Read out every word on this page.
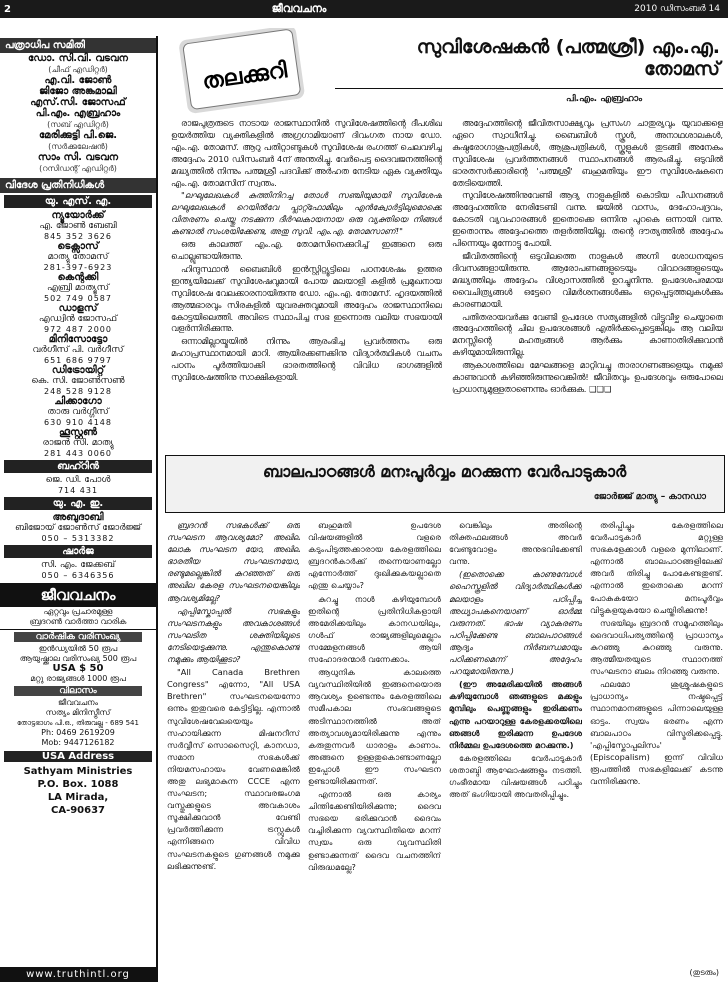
2	ജീവവചനം	2010 ഡിസംബർ 14
പത്രാധിപ സമിതി
ഡോ. സി.വി. വടവന
(ചീഫ് എഡിറ്റർ)
എ.വി. ജോൺ
ജിജോ അങ്കമാലി
എസ്.സി. ജോസഫ്
പി.എം. എബ്രഹാം
(സബ് എഡിറ്റർ)
മേരിക്കുട്ടി പി.ജെ.
(സർക്കുലേഷൻ)
സാം സി. വടവന
(റസിഡന്റ് എഡിറ്റർ)
വിദേശ പ്രതിനിധികൾ
യു. എസ്. എ.
ന്യൂയോർക്ക്
എ. ജോൺ ബേബി
845 352 3626
ടെക്സാസ്
മാത്യു തോമസ്
281-397-6923
കെന്റക്കി
എബ്രി മാത്യൂസ്
502 749 0587
ഡാളസ്
എഡ്വിൻ ജോസഫ്
972 487 2000
മിനിസോട്ടോ
വർഗീസ് പി. വർഗീസ്
651 686 9797
ഡിട്രോയിറ്റ്
കെ. സി. ജോൺസൺ
248 528 9128
ചിക്കാഗോ
താരു വർഗ്ഗീസ്
630 910 4148
ഹൂസ്റ്റൺ
രാജൻ സി. മാത്യു
281 443 0060
ബഹ്റിൻ
ജെ. ഡി. പോൾ
714 431
യു. എ. ഇ.
അബുദാബി
ബിജോയ് ജോൺസ് ജോർജ്ജ്
050 – 5313382
ഷാർജ
സി. എം. ജേക്കബ്
050 – 6346356
ജീവവചനം
ഏറ്റവും പ്രചാരമുള്ള
ബ്രദറൺ വാർത്താ വാരിക
വാർഷിക വരിസംഖ്യ
ഇൻഡ്യയിൽ 50 രൂപ
ആയുഷ്ക്കാല വരിസംഖ്യ 500 രൂപ
USA $ 50
മറ്റു രാജ്യങ്ങൾ 1000 രൂപ
വിലാസം
ജീവവചനം
സത്യം മിനിസ്ട്രീസ്
തോട്ടഭാഗം പി.ഒ., തിരുവല്ല - 689 541
Ph: 0469 2619209
Mob: 9447126182
USA Address
Sathyam Ministries
P.O. Box. 1088
LA Mirada,
CA-90637
www.truthintl.org
തലക്കുറി
സുവിശേഷകൻ (പത്മശ്രീ) എം.എ. തോമസ്
പി.എം. എബ്രഹാം

രാജപുത്രരുടെ നാടായ രാജസ്ഥാനിൽ സുവിശേഷത്തിന്റെ ദീപശിഖ ഉയർത്തിയ വ്യക്തികളിൽ അഗ്രഗാമിയാണ് ദിവംഗത നായ ഡോ. എം.എ. തോമസ്. ആറു പതിറ്റാണ്ടുകൾ സുവിശേഷ രംഗത്ത് ചെലവഴിച്ച അദ്ദേഹം 2010 ഡിസംബർ 4ന് അന്തരിച്ചു. വേർപെട്ട ദൈവജനത്തിന്റെ മദ്ധ്യത്തിൽ നിന്നും പത്മശ്രീ പദവിക്ക് അർഹത നേടിയ ഏക വ്യക്തിയും എം.എ. തോമസിന് സ്വന്തം.

"ലഘുലേഖകൾ കുത്തിനിറച്ച തോൾ സഞ്ചിയുമായി സുവിശേഷ ലഘുലേഖകൾ റെയിൽവേ പ്ലാറ്റ്ഫോമിലും എൻക്വോർട്ടിലുമൊക്കെ വിതരണം ചെയ്തു നടക്കുന്ന ദീർഘകായനായ ഒരു വ്യക്തിയെ നിങ്ങൾ കണ്ടാൽ സംശയിക്കേണ്ട, അതു സുവി. എം.എ. തോമസാണ്!"

ഒരു കാലത്ത് എം.എ. തോമസിനെക്കുറിച്ച് ഇങ്ങനെ ഒരു ചൊല്ലുണ്ടായിരുന്നു.

ഹിന്ദുസ്ഥാൻ ബൈബിൾ ഇൻസ്റ്റിറ്റ്യൂട്ടിലെ പഠനശേഷം ഉത്തര ഇന്ത്യയിലേക്ക് സുവിശേഷവുമായി പോയ മലയാളി കളിൽ പ്രമുഖനായ സുവിശേഷ വേലക്കാരനായിരുന്നു ഡോ. എം.എ. തോമസ്. ഹൃദയത്തിൽ ആത്മഭാരവും സിരകളിൽ യുവരക്തവുമായി അദ്ദേഹം രാജസ്ഥാനിലെ കോട്ടയിലെത്തി. അവിടെ സ്ഥാപിച്ച സഭ ഇന്നൊരു വലിയ സഭയായി വളർന്നിരിക്കുന്നു.

ഒന്നാമില്ലായ്മയിൽ നിന്നും ആരംഭിച്ച പ്രവർത്തനം ഒരു മഹാപ്രസ്ഥാനമായി മാറി. ആയിരക്കണക്കിനു വിദ്യാർത്ഥികൾ വചനം പഠനം പൂർത്തിയാക്കി ഭാരതത്തിന്റെ വിവിധ ഭാഗങ്ങളിൽ സുവിശേഷത്തിനു സാക്ഷികളായി.

അദ്ദേഹത്തിന്റെ ജീവിതസാക്ഷ്യവും പ്രസംഗ ചാതുര്യവും യുവാക്കളെ ഏറെ സ്വാധീനിച്ചു. ബൈബിൾ സ്കൂൾ, അനാഥശാലകൾ, കുഷ്ഠരോഗാശുപത്രികൾ, ആശുപത്രികൾ, സ്കൂളുകൾ തുടങ്ങി അനേകം സുവിശേഷ പ്രവർത്തനങ്ങൾ സ്ഥാപനങ്ങൾ ആരംഭിച്ചു. ഒടുവിൽ ഭാരതസർക്കാരിന്റെ 'പത്മശ്രീ' ബഹുമതിയും ഈ സുവിശേഷകനെ തേടിയെത്തി.

സുവിശേഷത്തിനുവേണ്ടി ആദ്യ നാളുകളിൽ കൊടിയ പീഡനങ്ങൾ അദ്ദേഹത്തിനു നേരിടേണ്ടി വന്നു. ജയിൽ വാസം, ദേഹോപദ്രവം, കോടതി വ്യവഹാരങ്ങൾ ഇതൊക്കെ ഒന്നിനു പുറകെ ഒന്നായി വന്നു. ഇതൊന്നും അദ്ദേഹത്തെ തളർത്തിയില്ല. തന്റെ ദൗത്യത്തിൽ അദ്ദേഹം പിന്നെയും മുന്നോട്ടു പോയി.

ജീവിതത്തിന്റെ ഒടുവിലത്തെ നാളുകൾ അഗ്നി ശോധനയുടെ ദിവസങ്ങളായിരുന്നു. ആരോപണങ്ങളുടെയും വിവാദങ്ങളുടെയും മദ്ധ്യത്തിലും അദ്ദേഹം വിശ്വാസത്തിൽ ഉറച്ചുനിന്നു. ഉപദേശപരമായ വൈചിത്ര്യങ്ങൾ ഒട്ടേറെ വിമർശനങ്ങൾക്കും ഒറ്റപ്പെടുത്തലുകൾക്കും കാരണമായി.

പതിതരായവർക്കു വേണ്ടി ഉപദേശ സത്യങ്ങളിൽ വിട്ടുവീഴ്ച ചെയ്യാതെ അദ്ദേഹത്തിന്റെ ചില ഉപദേശങ്ങൾ എതിർക്കപ്പെട്ടെങ്കിലും ആ വലിയ മനസ്സിന്റെ മഹത്വങ്ങൾ ആർക്കും കാണാതിരിക്കുവാൻ കഴിയുമായിരുന്നില്ല.

ആകാശത്തിലെ മേഘങ്ങളെ മാറ്റിവച്ചു താരാഗണങ്ങളെയും നമുക്ക് കാണുവാൻ കഴിഞ്ഞിരുന്നുവെങ്കിൽ! ജീവിതവും ഉപദേശവും ഒരുപോലെ പ്രാധാന്യമുള്ളതാണെന്നും ഓർക്കുക. ❑❑❑

ബാലപാഠങ്ങൾ മനഃപൂർവ്വം മറക്കുന്ന വേർപാടുകാർ
ജോർജ്ജ് മാത്യു – കാനഡാ

ബ്രദറൻ സഭകൾക്ക് ഒരു സംഘടന ആവശ്യമോ? അഖില ലോക സംഘടന യോ, അഖില ഭാരതീയ സംഘടനയോ, രണ്ടുമല്ലെങ്കിൽ കുറഞ്ഞത് ഒരു അഖില കേരള സംഘടനയെങ്കിലും ആവശ്യമില്ലേ?

എപ്പിസ്കോപ്പൽ സഭകളും സംഘടനകളും അവകാശങ്ങൾ സംഘടിത ശക്തിയിലൂടെ നേടിയെടുക്കുന്നു. എന്തുകൊണ്ട് നമുക്കും ആയിക്കൂടാ?

"All Canada Brethren Congress" എന്നോ, "All USA Brethren" സംഘടനയെന്നോ ഒന്നും ഇതുവരെ കേട്ടിട്ടില്ല. എന്നാൽ സുവിശേഷവേലയെയും സഹായിക്കുന്ന മിഷനറീസ് സർവ്വീസ് സൊസൈറ്റി, കാനഡാ, സമാന സഭകൾക്ക് നിയമസഹായം വേണമെങ്കിൽ അതു ലഭ്യമാകുന്ന CCCE എന്ന സംഘടന; സ്ഥാവരജംഗമ വസ്തുക്കളുടെ അവകാശം സൂക്ഷിക്കുവാൻ വേണ്ടി പ്രവർത്തിക്കുന്ന ട്രസ്റ്റുകൾ എന്നിങ്ങനെ വിവിധ സംഘടനകളുടെ ഗുണങ്ങൾ നമുക്കു ലഭിക്കുന്നുണ്ട്.

ബഹുമതി ഉപദേശ വിഷയങ്ങളിൽ വളരെ കടുംപിടുത്തക്കാരായ കേരളത്തിലെ ബ്രദറൻകാർക്ക് തന്നെയാണല്ലോ എന്നോർത്ത് ദുഃഖിക്കുകയല്ലാതെ എന്തു ചെയ്യാം?

കുറച്ചു നാൾ കഴിയുമ്പോൾ ഇതിന്റെ പ്രതിനിധികളായി അമേരിക്കയിലും കാനഡയിലും, ഗൾഫ് രാജ്യങ്ങളിലുമെല്ലാം സമ്മേളനങ്ങൾ ആയി സഹോദരന്മാർ വന്നേക്കാം.

ആധുനിക കാലത്തെ വ്യവസ്ഥിതിയിൽ ഇങ്ങനെയൊരു ആവശ്യം ഉണ്ടെന്നും കേരളത്തിലെ സമീപകാല സംഭവങ്ങളുടെ അടിസ്ഥാനത്തിൽ അത് അത്യാവശ്യമായിരിക്കുന്നു എന്നും കരുതുന്നവർ ധാരാളം കാണാം. അങ്ങനെ ഉള്ളതുകൊണ്ടാണല്ലോ ഇപ്പോൾ ഈ സംഘടന ഉണ്ടായിരിക്കുന്നത്.

എന്നാൽ ഒരു കാര്യം ചിന്തിക്കേണ്ടിയിരിക്കുന്നു; ദൈവ സഭയെ ഭരിക്കുവാൻ ദൈവം വച്ചിരിക്കുന്ന വ്യവസ്ഥിതിയെ മറന്ന് സ്വയം ഒരു വ്യവസ്ഥിതി ഉണ്ടാക്കുന്നത് ദൈവ വചനത്തിന് വിരുദ്ധമല്ലേ?

വെങ്കിലും അതിന്റെ തിക്തഫലങ്ങൾ അവർ വേണ്ടുവോളം അനുഭവിക്കേണ്ടി വന്നു.

(ഇതൊക്കെ കാണുമ്പോൾ ഹൈസ്കൂളിൽ വിദ്യാർത്ഥികൾക്ക് മലയാളം പഠിപ്പിച്ച അധ്യാപകനെയാണ് ഓർമ്മ വരുന്നത്. ഭാഷ വ്യാകരണം പഠിപ്പിക്കേണ്ട ബാലപാഠങ്ങൾ ആദ്യം നിർബന്ധമായും പഠിക്കണമെന്ന് അദ്ദേഹം പറയുമായിരുന്നു.)

(ഈ അമേരിക്കയിൽ അങ്ങൾ കഴിയുമ്പോൾ ഞങ്ങളുടെ മക്കളും മുമ്പിലും പെണ്ണുങ്ങളും ഇരിക്കണം എന്നു പറയാറുള്ള കേരളക്കരയിലെ ഞങ്ങൾ ഇരിക്കുന്ന ഉപദേശ നിർമ്മല ഉപദേശത്തെ മറക്കുന്നു.)

കേരളത്തിലെ വേർപാടുകാർ ശതാബ്ദി ആഘോഷങ്ങളും നടത്തി. ഗംഭീരമായ വിഷയങ്ങൾ പഠിച്ചും അത് ഭംഗിയായി അവതരിപ്പിച്ചും.

തരിപ്പിച്ചും കേരളത്തിലെ വേർപാടുകാർ മറ്റുള്ള സഭകളേക്കാൾ വളരെ മുന്നിലാണ്. എന്നാൽ ബാലപാഠങ്ങളിലേക്ക് അവർ തിരിച്ചു പോകേണ്ടതുണ്ട്. എന്നാൽ ഇതൊക്കെ മറന്ന് പോകുകയോ മനഃപൂർവ്വം വിട്ടുകളയുകയോ ചെയ്തിരിക്കുന്നു!

സഭയിലും ബ്രദറൻ സമൂഹത്തിലും ദൈവാധിപത്യത്തിന്റെ പ്രാധാന്യം കുറഞ്ഞു കുറഞ്ഞു വരുന്നു. ആത്മീയതയുടെ സ്ഥാനത്ത് സംഘടനാ ബലം നിറഞ്ഞു വരുന്നു.

ഫലമോ ശുശ്രൂഷകളുടെ പ്രാധാന്യം നഷ്ടപ്പെട്ട് സ്ഥാനമാനങ്ങളുടെ പിന്നാലെയുള്ള ഓട്ടം. സ്വയം ഭരണം എന്ന ബാലപാഠം വിസ്മരിക്കപ്പെട്ടു. 'എപ്പിസ്കോപ്പലിസം' (Episcopalism) ഇന്ന് വിവിധ രൂപത്തിൽ സഭകളിലേക്ക് കടന്നു വന്നിരിക്കുന്നു.

(തുടരും)
